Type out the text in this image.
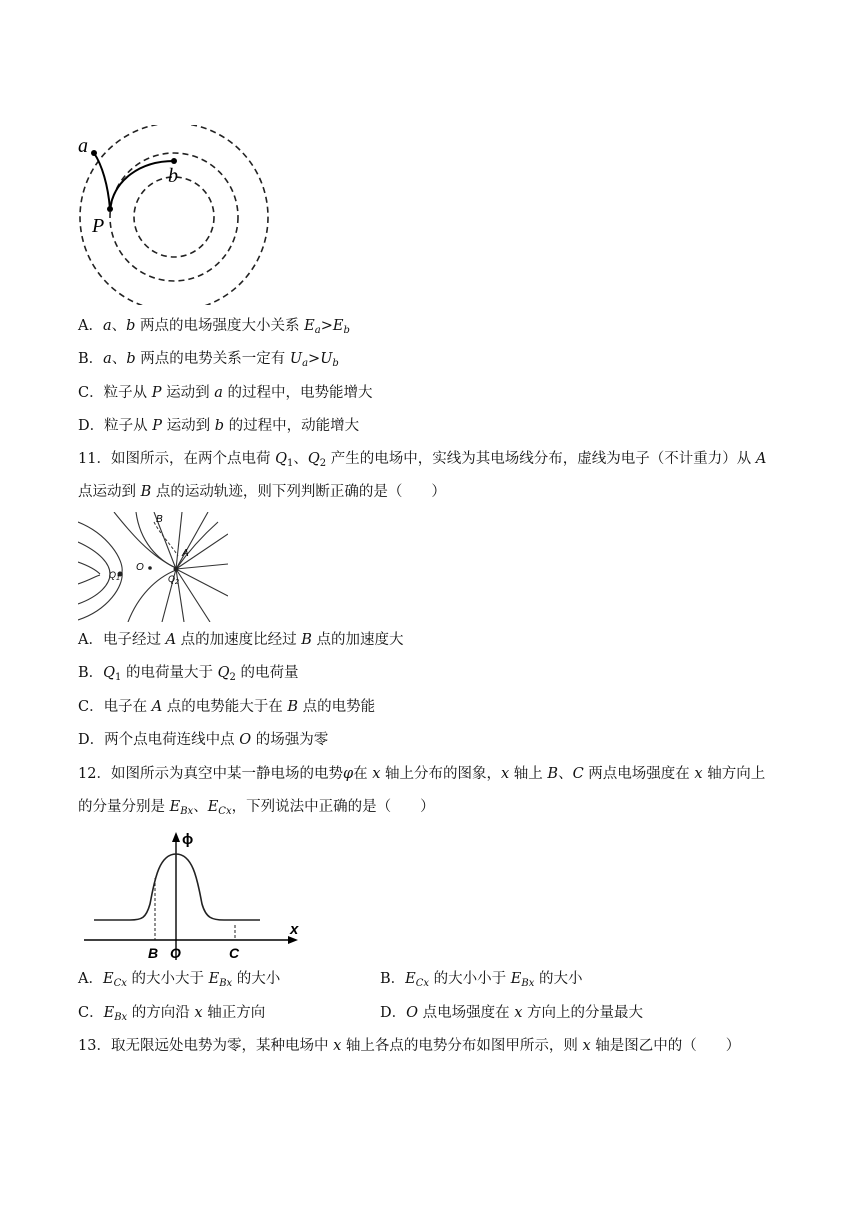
a
b
P
A．a、b 两点的电场强度大小关系 $E_a>E_b$
B．a、b 两点的电势关系一定有 $U_a>U_b$
C．粒子从 P 运动到 a 的过程中，电势能增大
D．粒子从 P 运动到 b 的过程中，动能增大
11．如图所示，在两个点电荷 $Q_1$、$Q_2$ 产生的电场中，实线为其电场线分布，虚线为电子（不计重力）从 A
点运动到 B 点的运动轨迹，则下列判断正确的是（　　）
B
A
O
$Q_1$	$Q_2$
A．电子经过 A 点的加速度比经过 B 点的加速度大
B．$Q_1$ 的电荷量大于 $Q_2$ 的电荷量
C．电子在 A 点的电势能大于在 B 点的电势能
D．两个点电荷连线中点 O 的场强为零
12．如图所示为真空中某一静电场的电势φ在 x 轴上分布的图象，x 轴上 B、C 两点电场强度在 x 轴方向上
的分量分别是 $E_{Bx}$、$E_{Cx}$，下列说法中正确的是（　　）
ϕ
x
B O	C
A．$E_{Cx}$ 的大小大于 $E_{Bx}$ 的大小	B．$E_{Cx}$ 的大小小于 $E_{Bx}$ 的大小
C．$E_{Bx}$ 的方向沿 x 轴正方向	D．O 点电场强度在 x 方向上的分量最大
13．取无限远处电势为零，某种电场中 x 轴上各点的电势分布如图甲所示，则 x 轴是图乙中的（　　）
